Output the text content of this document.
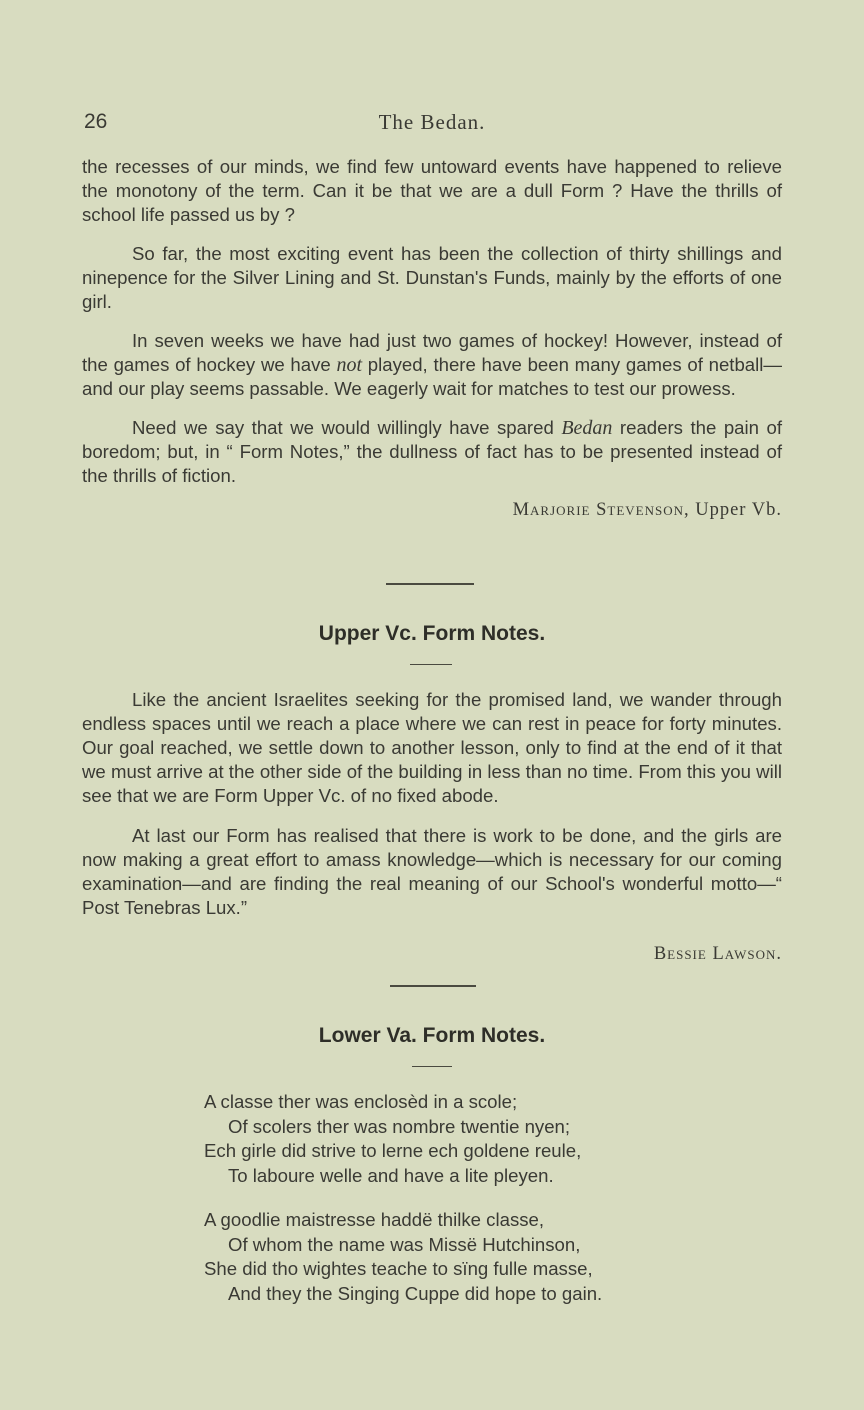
26	The Bedan.

the recesses of our minds, we find few untoward events have happened to relieve the monotony of the term. Can it be that we are a dull Form ? Have the thrills of school life passed us by ?

So far, the most exciting event has been the collection of thirty shillings and ninepence for the Silver Lining and St. Dunstan's Funds, mainly by the efforts of one girl.

In seven weeks we have had just two games of hockey! However, instead of the games of hockey we have not played, there have been many games of netball—and our play seems passable. We eagerly wait for matches to test our prowess.

Need we say that we would willingly have spared Bedan readers the pain of boredom; but, in “ Form Notes,” the dullness of fact has to be presented instead of the thrills of fiction.

Marjorie Stevenson, Upper Vb.
Upper Vc. Form Notes.

Like the ancient Israelites seeking for the promised land, we wander through endless spaces until we reach a place where we can rest in peace for forty minutes. Our goal reached, we settle down to another lesson, only to find at the end of it that we must arrive at the other side of the building in less than no time. From this you will see that we are Form Upper Vc. of no fixed abode.

At last our Form has realised that there is work to be done, and the girls are now making a great effort to amass knowledge—which is necessary for our coming examination—and are finding the real meaning of our School's wonderful motto—“ Post Tenebras Lux.”

Bessie Lawson.
Lower Va. Form Notes.
A classe ther was enclosèd in a scole;
Of scolers ther was nombre twentie nyen;
Ech girle did strive to lerne ech goldene reule,
To laboure welle and have a lite pleyen.
A goodlie maistresse haddë thilke classe,
Of whom the name was Missë Hutchinson,
She did tho wightes teache to sïng fulle masse,
And they the Singing Cuppe did hope to gain.
